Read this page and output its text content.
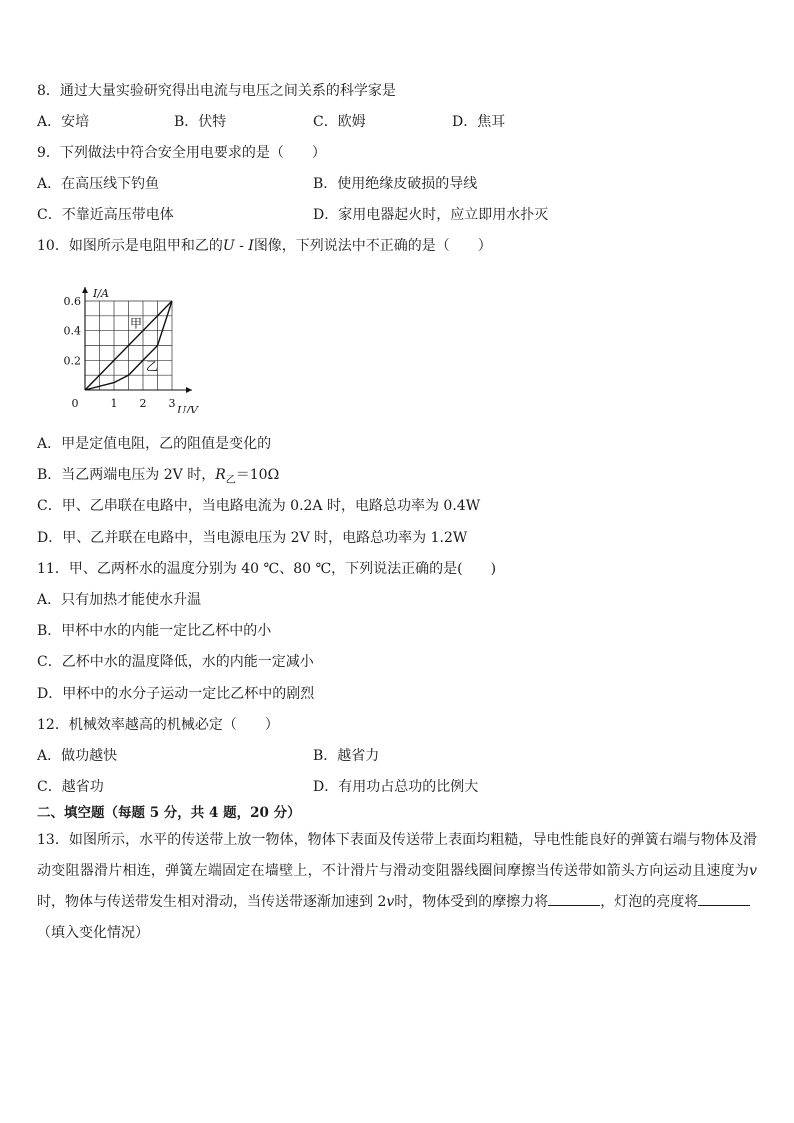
8．通过大量实验研究得出电流与电压之间关系的科学家是
A．安培	B．伏特	C．欧姆	D．焦耳
9．下列做法中符合安全用电要求的是（　　）
A．在高压线下钓鱼	B．使用绝缘皮破损的导线
C．不靠近高压带电体	D．家用电器起火时，应立即用水扑灭
10．如图所示是电阻甲和乙的U - I图像，下列说法中不正确的是（　　）
0	1 2 3
0.2
0.4
0.6
U/V
I/A
甲
乙
A．甲是定值电阻，乙的阻值是变化的
B．当乙两端电压为 2V 时，$R_乙=10\Omega$
C．甲、乙串联在电路中，当电路电流为 0.2A 时，电路总功率为 0.4W
D．甲、乙并联在电路中，当电源电压为 2V 时，电路总功率为 1.2W
11．甲、乙两杯水的温度分别为 40 ℃、80 ℃，下列说法正确的是(　　)
A．只有加热才能使水升温
B．甲杯中水的内能一定比乙杯中的小
C．乙杯中水的温度降低，水的内能一定减小
D．甲杯中的水分子运动一定比乙杯中的剧烈
12．机械效率越高的机械必定（　　）
A．做功越快	B．越省力
C．越省功	D．有用功占总功的比例大
二、填空题（每题 5 分，共 4 题，20 分）
13．如图所示，水平的传送带上放一物体，物体下表面及传送带上表面均粗糙，导电性能良好的弹簧右端与物体及滑动变阻器滑片相连，弹簧左端固定在墙壁上，不计滑片与滑动变阻器线圈间摩擦当传送带如箭头方向运动且速度为v时，物体与传送带发生相对滑动，当传送带逐渐加速到 2v时，物体受到的摩擦力将	，灯泡的亮度将
（填入变化情况）
